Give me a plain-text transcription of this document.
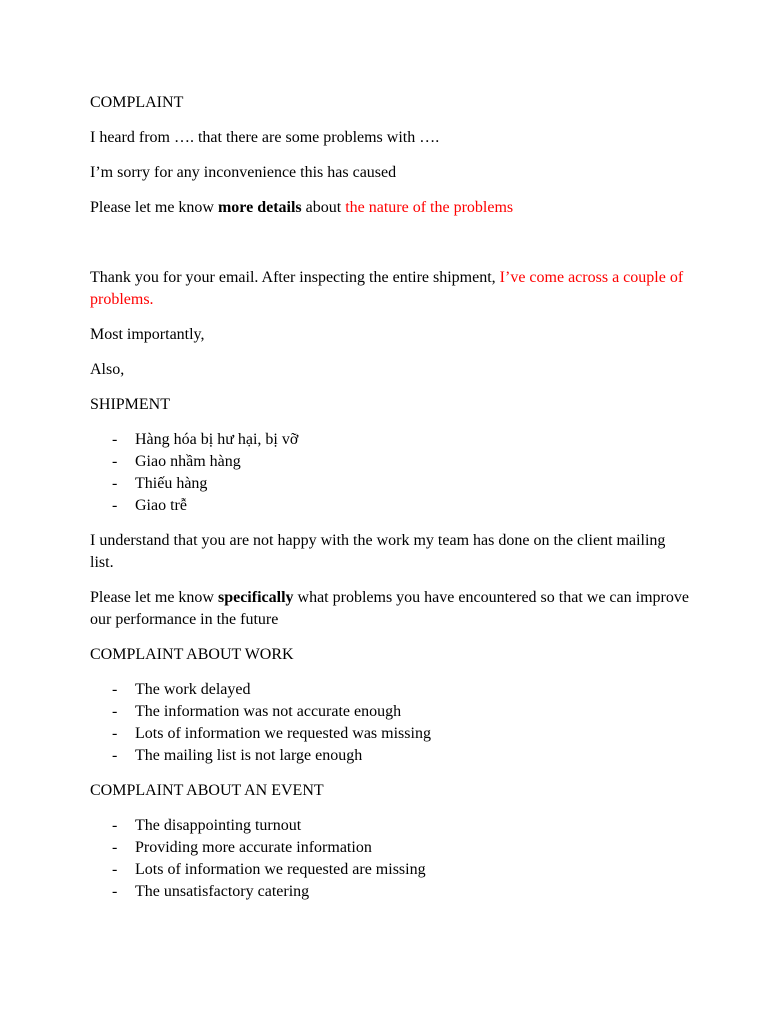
COMPLAINT

I heard from …. that there are some problems with ….

I’m sorry for any inconvenience this has caused

Please let me know more details about the nature of the problems

Thank you for your email. After inspecting the entire shipment, I’ve come across a couple of problems.

Most importantly,

Also,

SHIPMENT

- Hàng hóa bị hư hại, bị vỡ
- Giao nhầm hàng
- Thiếu hàng
- Giao trễ

I understand that you are not happy with the work my team has done on the client mailing list.

Please let me know specifically what problems you have encountered so that we can improve our performance in the future

COMPLAINT ABOUT WORK

- The work delayed
- The information was not accurate enough
- Lots of information we requested was missing
- The mailing list is not large enough

COMPLAINT ABOUT AN EVENT

- The disappointing turnout
- Providing more accurate information
- Lots of information we requested are missing
- The unsatisfactory catering
